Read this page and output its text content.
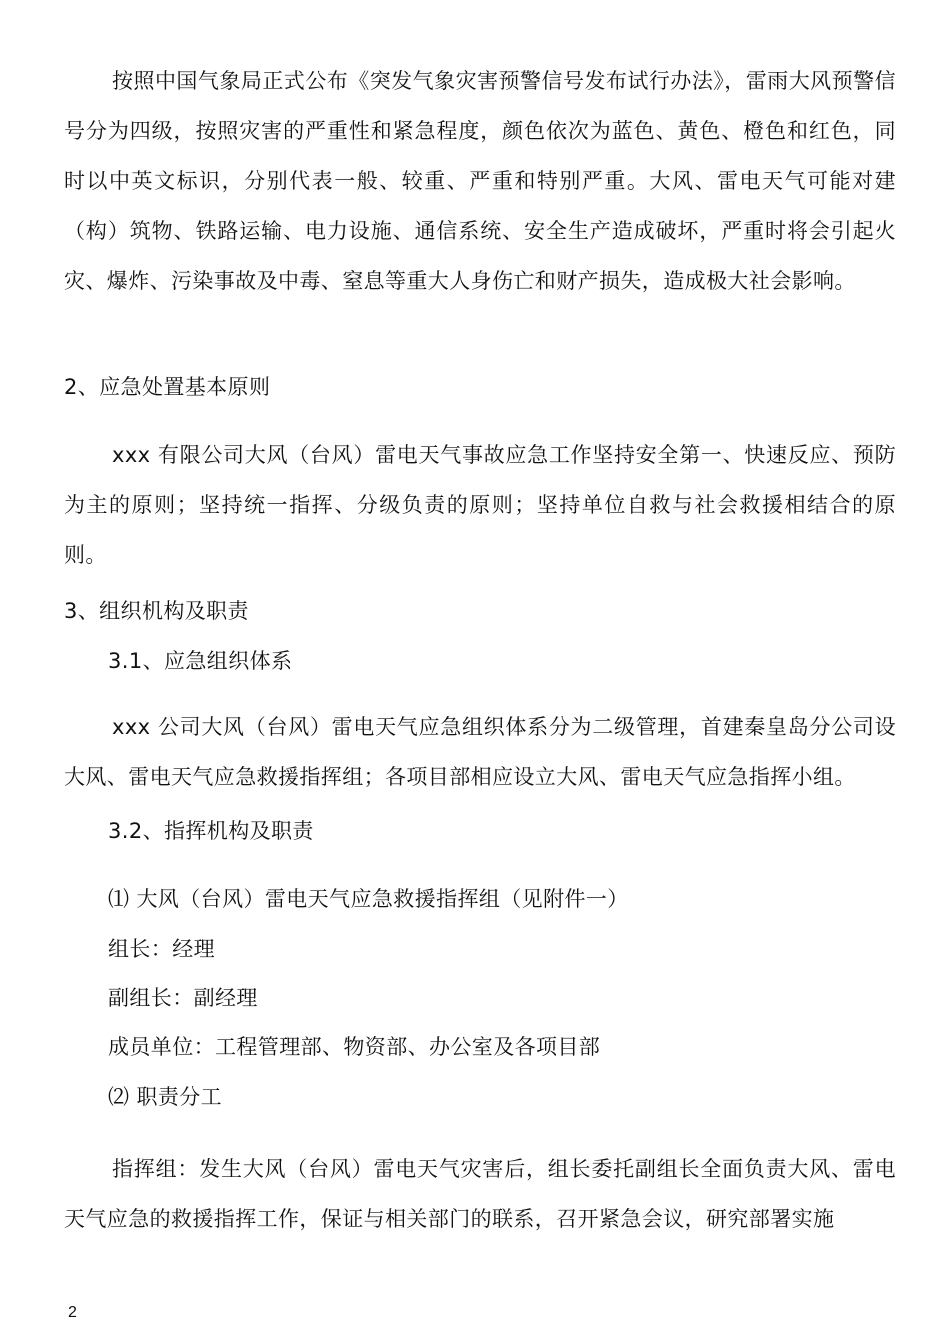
按照中国气象局正式公布《突发气象灾害预警信号发布试行办法》，雷雨大风预警信号分为四级，按照灾害的严重性和紧急程度，颜色依次为蓝色、黄色、橙色和红色，同时以中英文标识，分别代表一般、较重、严重和特别严重。大风、雷电天气可能对建（构）筑物、铁路运输、电力设施、通信系统、安全生产造成破坏，严重时将会引起火灾、爆炸、污染事故及中毒、窒息等重大人身伤亡和财产损失，造成极大社会影响。

2、应急处置基本原则

xxx 有限公司大风（台风）雷电天气事故应急工作坚持安全第一、快速反应、预防为主的原则；坚持统一指挥、分级负责的原则；坚持单位自救与社会救援相结合的原则。

3、组织机构及职责

3.1、应急组织体系

xxx 公司大风（台风）雷电天气应急组织体系分为二级管理，首建秦皇岛分公司设大风、雷电天气应急救援指挥组；各项目部相应设立大风、雷电天气应急指挥小组。

3.2、指挥机构及职责

⑴ 大风（台风）雷电天气应急救援指挥组（见附件一）

组长：经理

副组长：副经理

成员单位：工程管理部、物资部、办公室及各项目部

⑵ 职责分工

指挥组：发生大风（台风）雷电天气灾害后，组长委托副组长全面负责大风、雷电天气应急的救援指挥工作，保证与相关部门的联系，召开紧急会议，研究部署实施

2
